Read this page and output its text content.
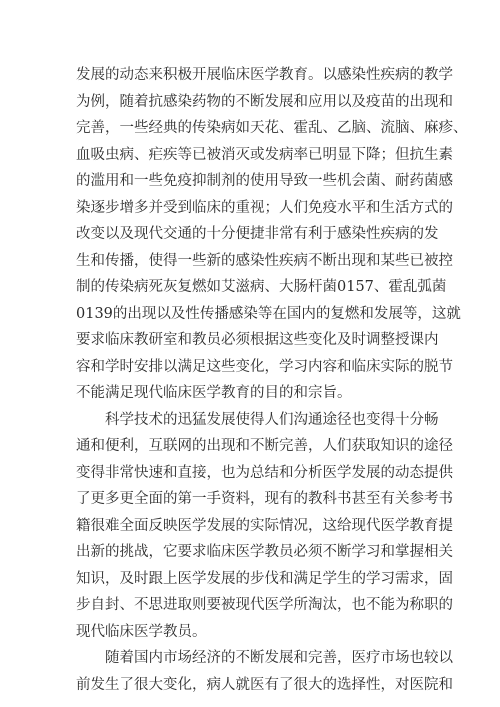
发展的动态来积极开展临床医学教育。以感染性疾病的教学
为例，随着抗感染药物的不断发展和应用以及疫苗的出现和
完善，一些经典的传染病如天花、霍乱、乙脑、流脑、麻疹、
血吸虫病、疟疾等已被消灭或发病率已明显下降；但抗生素
的滥用和一些免疫抑制剂的使用导致一些机会菌、耐药菌感
染逐步增多并受到临床的重视；人们免疫水平和生活方式的
改变以及现代交通的十分便捷非常有利于感染性疾病的发
生和传播，使得一些新的感染性疾病不断出现和某些已被控
制的传染病死灰复燃如艾滋病、大肠杆菌0157、霍乱弧菌
0139的出现以及性传播感染等在国内的复燃和发展等，这就
要求临床教研室和教员必须根据这些变化及时调整授课内
容和学时安排以满足这些变化，学习内容和临床实际的脱节
不能满足现代临床医学教育的目的和宗旨。

科学技术的迅猛发展使得人们沟通途径也变得十分畅
通和便利，互联网的出现和不断完善，人们获取知识的途径
变得非常快速和直接，也为总结和分析医学发展的动态提供
了更多更全面的第一手资料，现有的教科书甚至有关参考书
籍很难全面反映医学发展的实际情况，这给现代医学教育提
出新的挑战，它要求临床医学教员必须不断学习和掌握相关
知识，及时跟上医学发展的步伐和满足学生的学习需求，固
步自封、不思进取则要被现代医学所淘汰，也不能为称职的
现代临床医学教员。

随着国内市场经济的不断发展和完善，医疗市场也较以
前发生了很大变化，病人就医有了很大的选择性，对医院和
